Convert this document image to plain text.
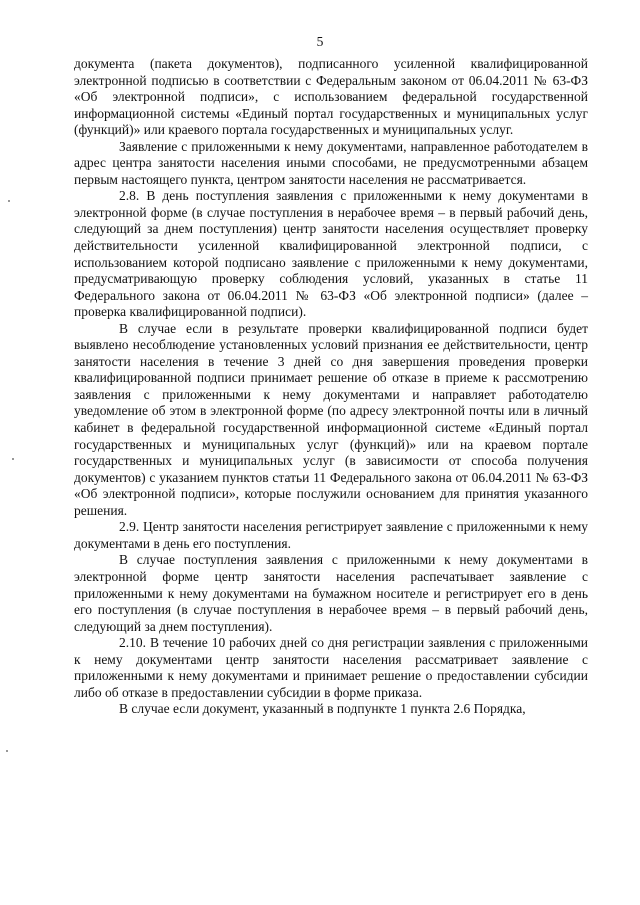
5

документа (пакета документов), подписанного усиленной квалифицированной электронной подписью в соответствии с Федеральным законом от 06.04.2011 № 63-ФЗ «Об электронной подписи», с использованием федеральной государственной информационной системы «Единый портал государственных и муниципальных услуг (функций)» или краевого портала государственных и муниципальных услуг.

Заявление с приложенными к нему документами, направленное работодателем в адрес центра занятости населения иными способами, не предусмотренными абзацем первым настоящего пункта, центром занятости населения не рассматривается.

2.8. В день поступления заявления с приложенными к нему документами в электронной форме (в случае поступления в нерабочее время – в первый рабочий день, следующий за днем поступления) центр занятости населения осуществляет проверку действительности усиленной квалифицированной электронной подписи, с использованием которой подписано заявление с приложенными к нему документами, предусматривающую проверку соблюдения условий, указанных в статье 11 Федерального закона от 06.04.2011 № 63-ФЗ «Об электронной подписи» (далее – проверка квалифицированной подписи).

В случае если в результате проверки квалифицированной подписи будет выявлено несоблюдение установленных условий признания ее действительности, центр занятости населения в течение 3 дней со дня завершения проведения проверки квалифицированной подписи принимает решение об отказе в приеме к рассмотрению заявления с приложенными к нему документами и направляет работодателю уведомление об этом в электронной форме (по адресу электронной почты или в личный кабинет в федеральной государственной информационной системе «Единый портал государственных и муниципальных услуг (функций)» или на краевом портале государственных и муниципальных услуг (в зависимости от способа получения документов) с указанием пунктов статьи 11 Федерального закона от 06.04.2011 № 63-ФЗ «Об электронной подписи», которые послужили основанием для принятия указанного решения.

2.9. Центр занятости населения регистрирует заявление с приложенными к нему документами в день его поступления.

В случае поступления заявления с приложенными к нему документами в электронной форме центр занятости населения распечатывает заявление с приложенными к нему документами на бумажном носителе и регистрирует его в день его поступления (в случае поступления в нерабочее время – в первый рабочий день, следующий за днем поступления).

2.10. В течение 10 рабочих дней со дня регистрации заявления с приложенными к нему документами центр занятости населения рассматривает заявление с приложенными к нему документами и принимает решение о предоставлении субсидии либо об отказе в предоставлении субсидии в форме приказа.

В случае если документ, указанный в подпункте 1 пункта 2.6 Порядка,
